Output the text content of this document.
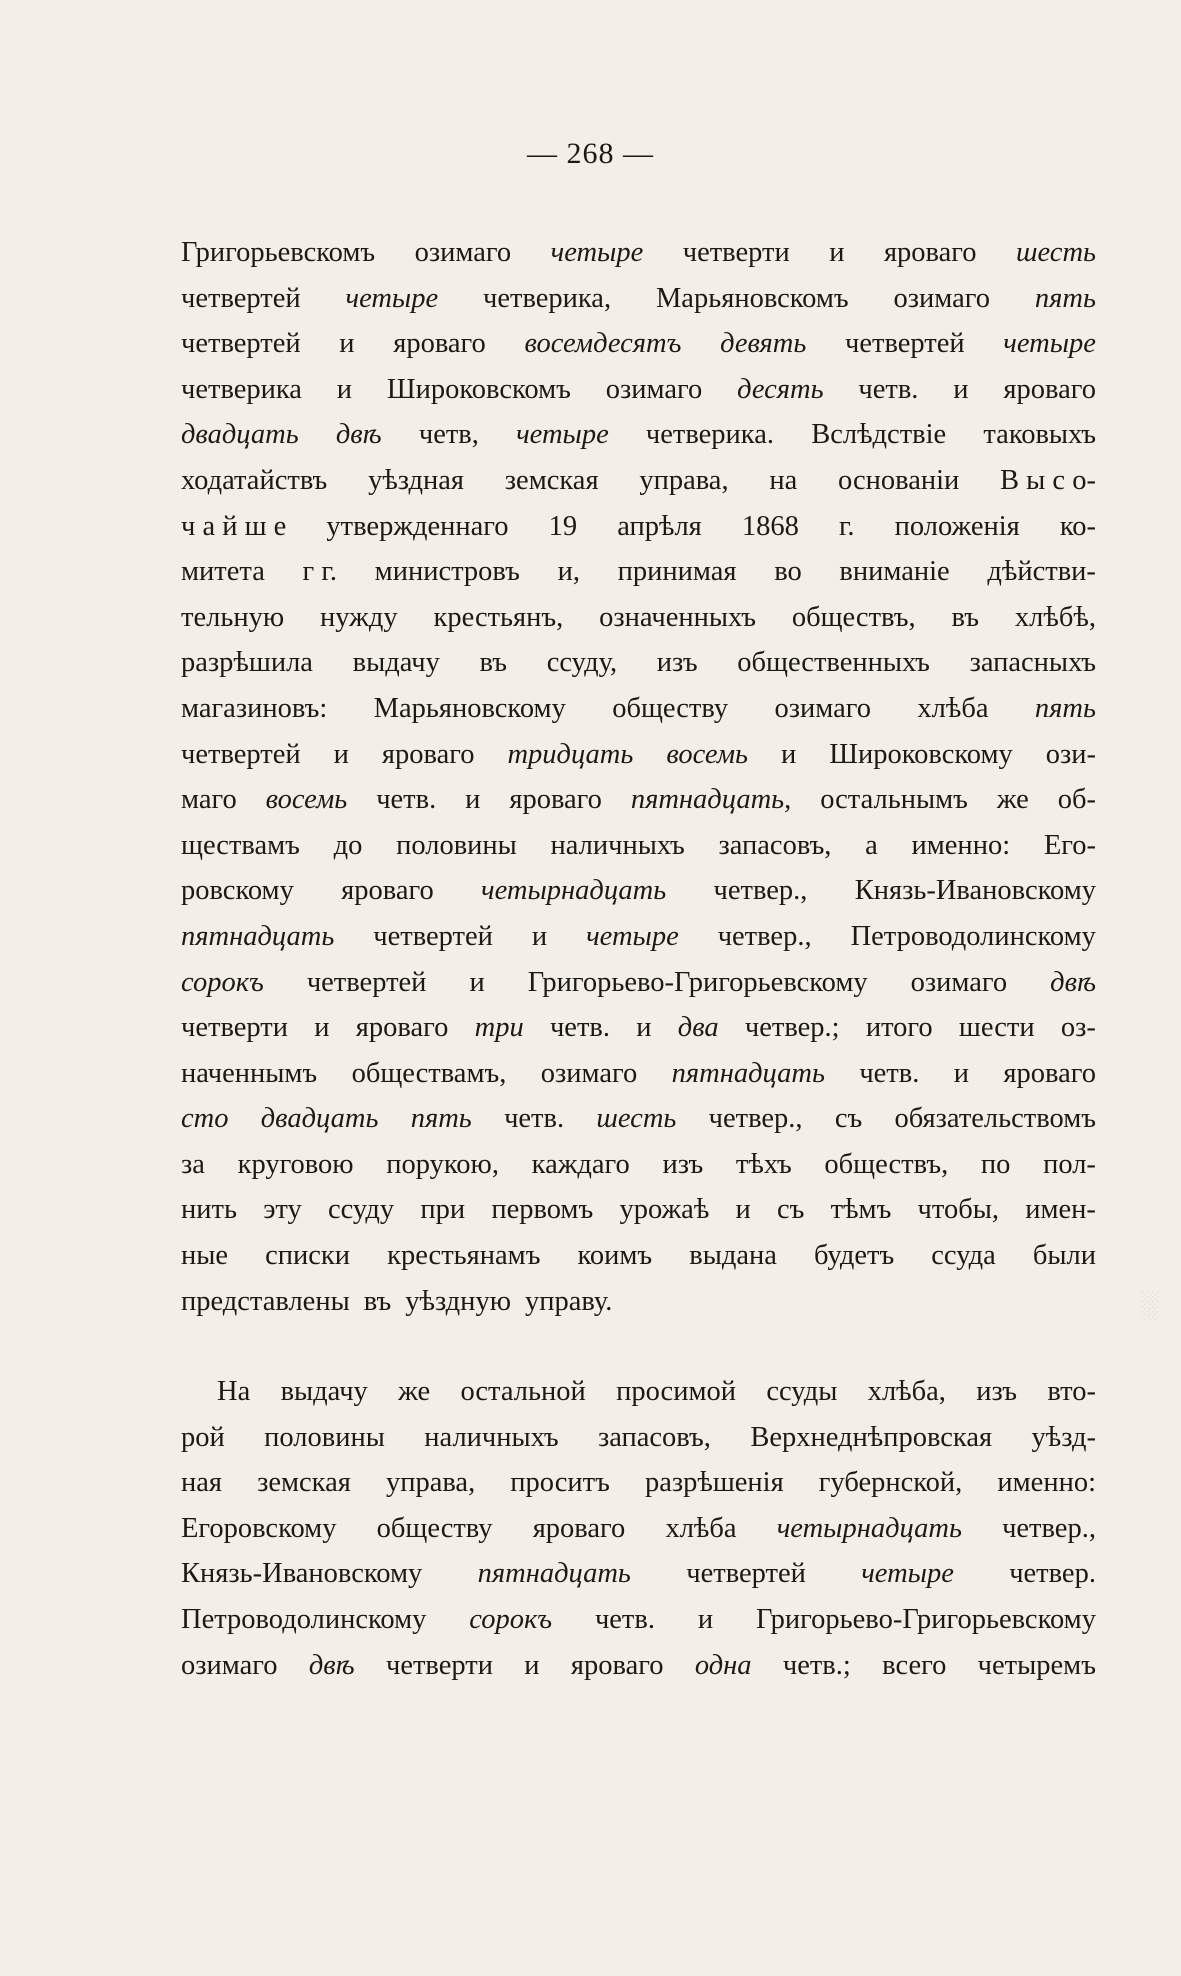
— 268 —
░
Григорьевскомъ озимаго четыре четверти и яроваго шесть
четвертей четыре четверика, Марьяновскомъ озимаго пять
четвертей и яроваго восемдесятъ девять четвертей четыре
четверика и Широковскомъ озимаго десять четв. и яроваго
двадцать двѣ четв, четыре четверика. Вслѣдствіе таковыхъ
ходатайствъ уѣздная земская управа, на основаніи В ы с о-
ч а й ш е утвержденнаго 19 апрѣля 1868 г. положенія ко-
митета г г. министровъ и, принимая во вниманіе дѣйстви-
тельную нужду крестьянъ, означенныхъ обществъ, въ хлѣбѣ,
разрѣшила выдачу въ ссуду, изъ общественныхъ запасныхъ
магазиновъ: Марьяновскому обществу озимаго хлѣба пять
четвертей и яроваго тридцать восемь и Широковскому ози-
маго восемь четв. и яроваго пятнадцать, остальнымъ же об-
ществамъ до половины наличныхъ запасовъ, а именно: Его-
ровскому яроваго четырнадцать четвер., Князь-Ивановскому
пятнадцать четвертей и четыре четвер., Петроводолинскому
сорокъ четвертей и Григорьево-Григорьевскому озимаго двѣ
четверти и яроваго три четв. и два четвер.; итого шести оз-
наченнымъ обществамъ, озимаго пятнадцать четв. и яроваго
сто двадцать пять четв. шесть четвер., съ обязательствомъ
за круговою порукою, каждаго изъ тѣхъ обществъ, по пол-
нить эту ссуду при первомъ урожаѣ и съ тѣмъ чтобы, имен-
ные списки крестьянамъ коимъ выдана будетъ ссуда были
представлены въ уѣздную управу.
На выдачу же остальной просимой ссуды хлѣба, изъ вто-
рой половины наличныхъ запасовъ, Верхнеднѣпровская уѣзд-
ная земская управа, проситъ разрѣшенія губернской, именно:
Егоровскому обществу яроваго хлѣба четырнадцать четвер.,
Князь-Ивановскому пятнадцать четвертей четыре четвер.
Петроводолинскому сорокъ четв. и Григорьево-Григорьевскому
озимаго двѣ четверти и яроваго одна четв.; всего четыремъ
